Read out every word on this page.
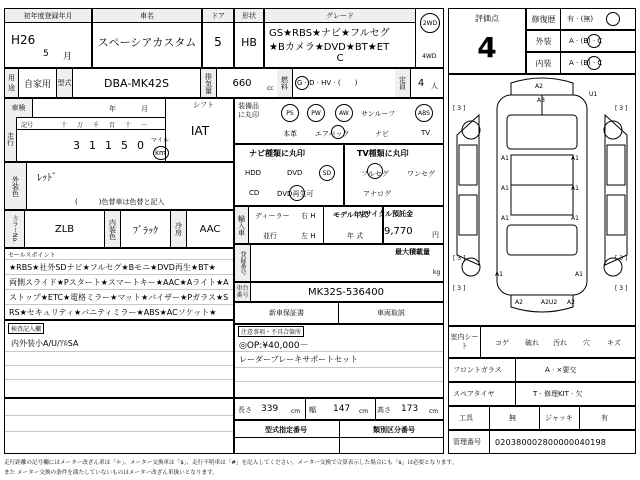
初年度登録年月
H26
5 月
車名
スペーシアカスタム
ドア
5
形状
HB
グレード
GS★RBS★ナビ★フルセグ
★Bカメラ★DVD★BT★ET
C
2WD
4WD
評価点
4
修復歴	有 · (無)
外装	A · (B) · C
内装	A · (B) · C
用途 自家用 型式	DBA-MK42S	排気量	660	cc 燃料	G · D · HV · (　　)	定員	4 人
車検	年	月	シフト
IAT
走行
記号	十 万 千 百 十 一
3 1 1 5 0 マイル
km
外装色	ﾚｯﾄﾞ
(　　　)色替車は色替と記入
カラーNo.	ZLB	内装色	ﾌﾞﾗｯｸ	冷房	AAC
装備品に丸印	PS	PW	AW	サンルーフ	ABS
本革	エアバック	ナビ	TV
ナビ種類に丸印
HDD	DVD	SD
CD	DVD再生可
TV種類に丸印
フルセグ	ワンセグ
アナログ
輸入車	ディーラー
並行
右 H
左 H
モデル年式
年 式
リサイクル預託金
9,770	円
登録番号	最大積載量
kg
車台番号	MK32S-536400
新車保証書	車両取説
セールスポイント
★RBS★社外SDナビ★フルセグ★Bモニ★DVD再生★BT★
両側スライド★Pスタート★スマートキー★AAC★Aライト★A
ストップ★ETC★電格ミラー★マット★バイザー★Pガラス★S
RS★セキュリティ★バニティミラー★ABS★ACソケット★
注意事項・不具合箇所
◎OP:¥40,000－
レーダーブレーキサポートセット
検査記入欄
内外装小A/U/ｱﾙSA
長さ 339 cm 幅 147 cm 高さ 173 cm
型式指定番号	類別区分番号
A3
A2
U1
A1
A1
A1
A1
A1
A1
[ 3 ]	[ 3 ]
[ 3 ]	[ 3 ]
[ 3 ]	[ 3 ]
A1	A1
A2	A2U2 A2
室内シート	コゲ 破れ 汚れ 穴 キズ
フロントガラス	A · ×要交
スペアタイヤ	T · 修理KIT · 欠
工具	無	ジャッキ	有
管理番号 020380002800000040198
走行距離の記号欄にはメーター改ざん車は「＊」、メーター交換車は「$」、走行不明車は「#」を記入してください。メーター交換で合算表示した場合にも「$」は必要となります。
また メーター交換の条件を満たしていないものはメーター改ざん車扱いとなります。
